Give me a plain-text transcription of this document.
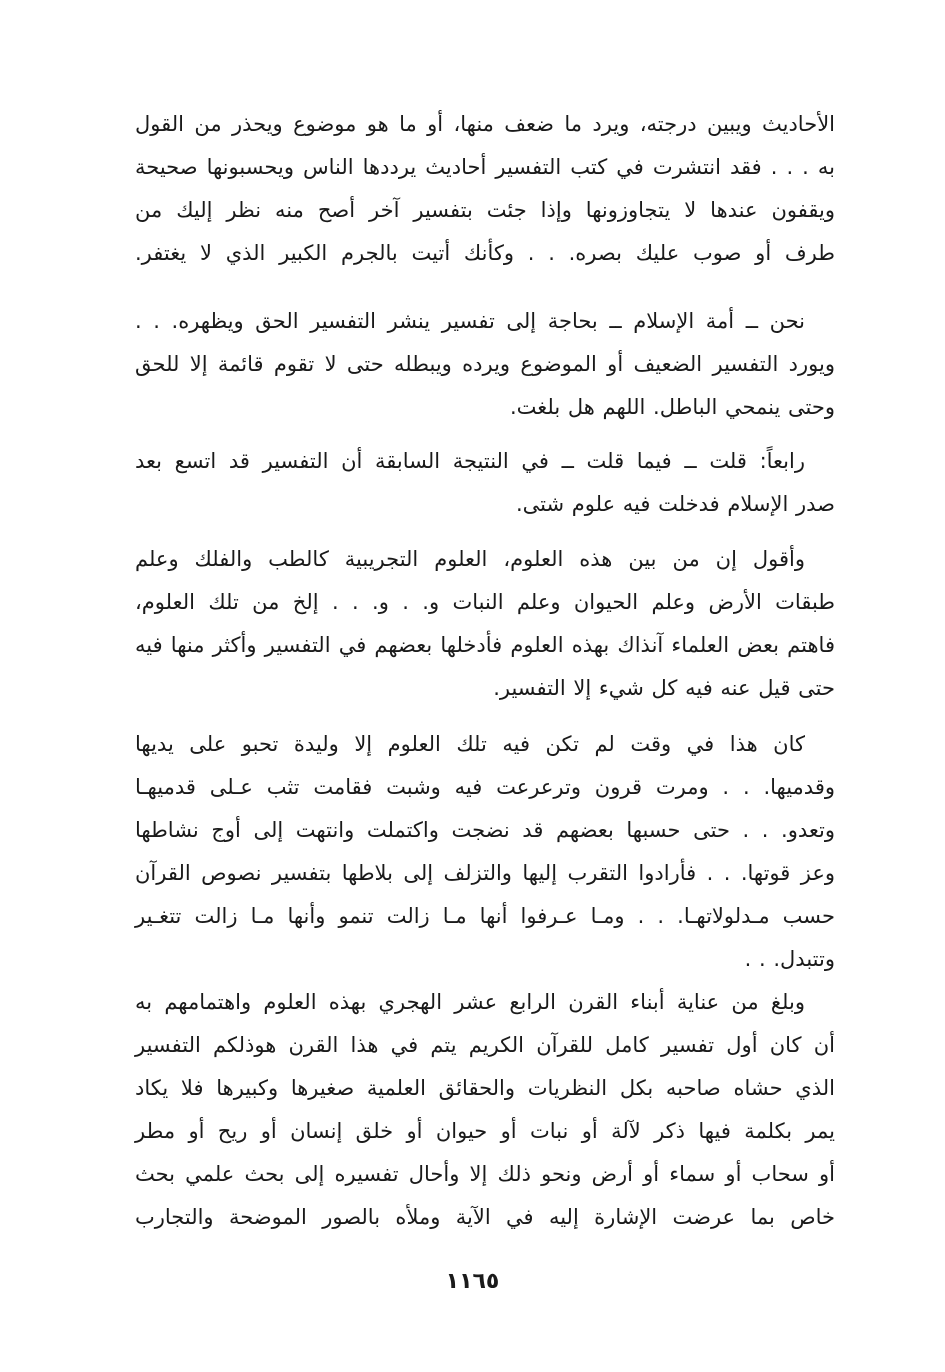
الأحاديث ويبين درجته، ويرد ما ضعف منها، أو ما هو موضوع ويحذر من القول
به . . . فقد انتشرت في كتب التفسير أحاديث يرددها الناس ويحسبونها صحيحة
ويقفون عندها لا يتجاوزونها وإذا جئت بتفسير آخر أصح منه نظر إليك من
طرف أو صوب عليك بصره. . . وكأنك أتيت بالجرم الكبير الذي لا يغتفر.
نحن ــ أمة الإسلام ــ بحاجة إلى تفسير ينشر التفسير الحق ويظهره. . .
ويورد التفسير الضعيف أو الموضوع ويرده ويبطله حتى لا تقوم قائمة إلا للحق
وحتى ينمحي الباطل. اللهم هل بلغت.
رابعاً: قلت ــ فيما قلت ــ في النتيجة السابقة أن التفسير قد اتسع بعد
صدر الإسلام فدخلت فيه علوم شتى.
وأقول إن من بين هذه العلوم، العلوم التجريبية كالطب والفلك وعلم
طبقات الأرض وعلم الحيوان وعلم النبات و. . و. . . إلخ من تلك العلوم،
فاهتم بعض العلماء آنذاك بهذه العلوم فأدخلها بعضهم في التفسير وأكثر منها فيه
حتى قيل عنه فيه كل شيء إلا التفسير.
كان هذا في وقت لم تكن فيه تلك العلوم إلا وليدة تحبو على يديها
وقدميها. . . ومرت قرون وترعرعت فيه وشبت فقامت تثب عـلى قدميهـا
وتعدو. . . حتى حسبها بعضهم قد نضجت واكتملت وانتهت إلى أوج نشاطها
وعز قوتها. . . فأرادوا التقرب إليها والتزلف إلى بلاطها بتفسير نصوص القرآن
حسب مـدلولاتهـا. . . ومـا عـرفوا أنها مـا زالت تنمو وأنها مـا زالت تتغـير
وتتبدل. . .
وبلغ من عناية أبناء القرن الرابع عشر الهجري بهذه العلوم واهتمامهم به
أن كان أول تفسير كامل للقرآن الكريم يتم في هذا القرن هوذلكم التفسير
الذي حشاه صاحبه بكل النظريات والحقائق العلمية صغيرها وكبيرها فلا يكاد
يمر بكلمة فيها ذكر لآلة أو نبات أو حيوان أو خلق إنسان أو ريح أو مطر
أو سحاب أو سماء أو أرض ونحو ذلك إلا وأحال تفسيره إلى بحث علمي بحث
خاص بما عرضت الإشارة إليه في الآية وملأه بالصور الموضحة والتجارب
١١٦٥
